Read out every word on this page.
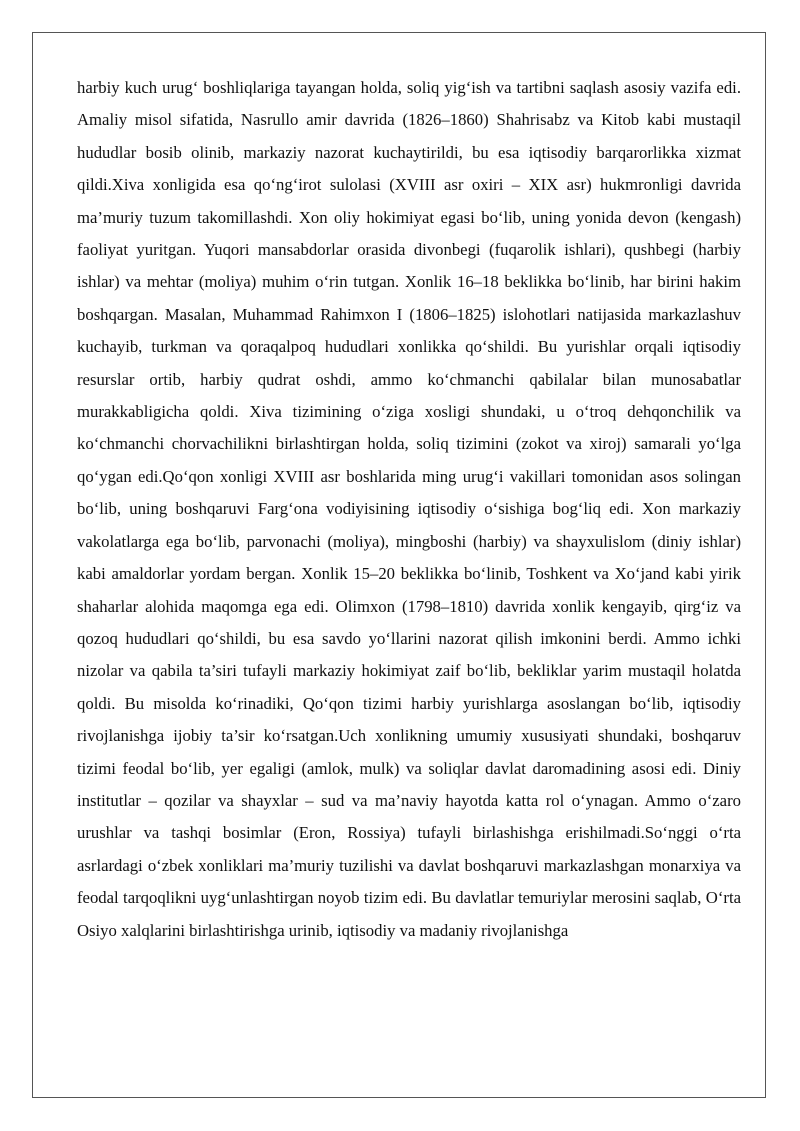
harbiy kuch urug‘ boshliqlariga tayangan holda, soliq yig‘ish va tartibni saqlash asosiy vazifa edi. Amaliy misol sifatida, Nasrullo amir davrida (1826–1860) Shahrisabz va Kitob kabi mustaqil hududlar bosib olinib, markaziy nazorat kuchaytirildi, bu esa iqtisodiy barqarorlikka xizmat qildi.Xiva xonligida esa qo‘ng‘irot sulolasi (XVIII asr oxiri – XIX asr) hukmronligi davrida ma’muriy tuzum takomillashdi. Xon oliy hokimiyat egasi bo‘lib, uning yonida devon (kengash) faoliyat yuritgan. Yuqori mansabdorlar orasida divonbegi (fuqarolik ishlari), qushbegi (harbiy ishlar) va mehtar (moliya) muhim o‘rin tutgan. Xonlik 16–18 beklikka bo‘linib, har birini hakim boshqargan. Masalan, Muhammad Rahimxon I (1806–1825) islohotlari natijasida markazlashuv kuchayib, turkman va qoraqalpoq hududlari xonlikka qo‘shildi. Bu yurishlar orqali iqtisodiy resurslar ortib, harbiy qudrat oshdi, ammo ko‘chmanchi qabilalar bilan munosabatlar murakkabligicha qoldi. Xiva tizimining o‘ziga xosligi shundaki, u o‘troq dehqonchilik va ko‘chmanchi chorvachilikni birlashtirgan holda, soliq tizimini (zokot va xiroj) samarali yo‘lga qo‘ygan edi.Qo‘qon xonligi XVIII asr boshlarida ming urug‘i vakillari tomonidan asos solingan bo‘lib, uning boshqaruvi Farg‘ona vodiyisining iqtisodiy o‘sishiga bog‘liq edi. Xon markaziy vakolatlarga ega bo‘lib, parvonachi (moliya), mingboshi (harbiy) va shayxulislom (diniy ishlar) kabi amaldorlar yordam bergan. Xonlik 15–20 beklikka bo‘linib, Toshkent va Xo‘jand kabi yirik shaharlar alohida maqomga ega edi. Olimxon (1798–1810) davrida xonlik kengayib, qirg‘iz va qozoq hududlari qo‘shildi, bu esa savdo yo‘llarini nazorat qilish imkonini berdi. Ammo ichki nizolar va qabila ta’siri tufayli markaziy hokimiyat zaif bo‘lib, bekliklar yarim mustaqil holatda qoldi. Bu misolda ko‘rinadiki, Qo‘qon tizimi harbiy yurishlarga asoslangan bo‘lib, iqtisodiy rivojlanishga ijobiy ta’sir ko‘rsatgan.Uch xonlikning umumiy xususiyati shundaki, boshqaruv tizimi feodal bo‘lib, yer egaligi (amlok, mulk) va soliqlar davlat daromadining asosi edi. Diniy institutlar – qozilar va shayxlar – sud va ma’naviy hayotda katta rol o‘ynagan. Ammo o‘zaro urushlar va tashqi bosimlar (Eron, Rossiya) tufayli birlashishga erishilmadi.So‘nggi o‘rta asrlardagi o‘zbek xonliklari ma’muriy tuzilishi va davlat boshqaruvi markazlashgan monarxiya va feodal tarqoqlikni uyg‘unlashtirgan noyob tizim edi. Bu davlatlar temuriylar merosini saqlab, O‘rta Osiyo xalqlarini birlashtirishga urinib, iqtisodiy va madaniy rivojlanishga
